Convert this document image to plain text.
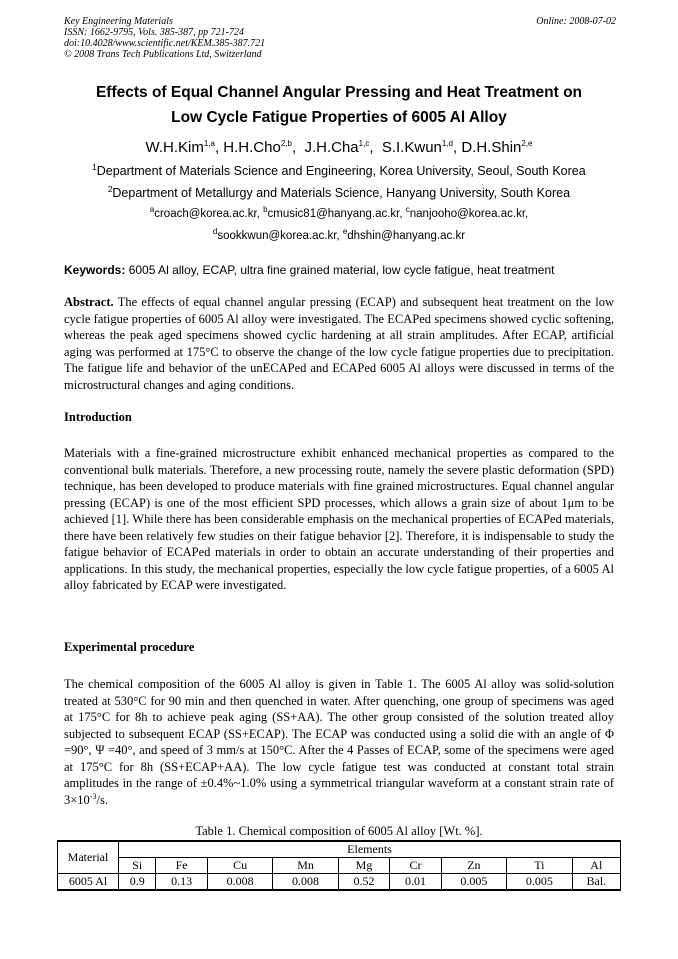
Key Engineering Materials
ISSN: 1662-9795, Vols. 385-387, pp 721-724
doi:10.4028/www.scientific.net/KEM.385-387.721
© 2008 Trans Tech Publications Ltd, Switzerland
Online: 2008-07-02
Effects of Equal Channel Angular Pressing and Heat Treatment on
Low Cycle Fatigue Properties of 6005 Al Alloy
W.H.Kim$^{1,a}$, H.H.Cho$^{2,b}$,  J.H.Cha$^{1,c}$,  S.I.Kwun$^{1,d}$, D.H.Shin$^{2,e}$
$^1$Department of Materials Science and Engineering, Korea University, Seoul, South Korea
$^2$Department of Metallurgy and Materials Science, Hanyang University, South Korea
$^a$croach@korea.ac.kr, $^b$cmusic81@hanyang.ac.kr, $^c$nanjooho@korea.ac.kr,
$^d$sookkwun@korea.ac.kr, $^e$dhshin@hanyang.ac.kr
Keywords: 6005 Al alloy, ECAP, ultra fine grained material, low cycle fatigue, heat treatment
Abstract. The effects of equal channel angular pressing (ECAP) and subsequent heat treatment on the low cycle fatigue properties of 6005 Al alloy were investigated. The ECAPed specimens showed cyclic softening, whereas the peak aged specimens showed cyclic hardening at all strain amplitudes. After ECAP, artificial aging was performed at 175°C to observe the change of the low cycle fatigue properties due to precipitation. The fatigue life and behavior of the unECAPed and ECAPed 6005 Al alloys were discussed in terms of the microstructural changes and aging conditions.
Introduction
Materials with a fine-grained microstructure exhibit enhanced mechanical properties as compared to the conventional bulk materials. Therefore, a new processing route, namely the severe plastic deformation (SPD) technique, has been developed to produce materials with fine grained microstructures. Equal channel angular pressing (ECAP) is one of the most efficient SPD processes, which allows a grain size of about 1μm to be achieved [1]. While there has been considerable emphasis on the mechanical properties of ECAPed materials, there have been relatively few studies on their fatigue behavior [2]. Therefore, it is indispensable to study the fatigue behavior of ECAPed materials in order to obtain an accurate understanding of their properties and applications. In this study, the mechanical properties, especially the low cycle fatigue properties, of a 6005 Al alloy fabricated by ECAP were investigated.
Experimental procedure
The chemical composition of the 6005 Al alloy is given in Table 1. The 6005 Al alloy was solid-solution treated at 530°C for 90 min and then quenched in water. After quenching, one group of specimens was aged at 175°C for 8h to achieve peak aging (SS+AA). The other group consisted of the solution treated alloy subjected to subsequent ECAP (SS+ECAP). The ECAP was conducted using a solid die with an angle of Φ =90°, Ψ =40°, and speed of 3 mm/s at 150°C. After the 4 Passes of ECAP, some of the specimens were aged at 175°C for 8h (SS+ECAP+AA). The low cycle fatigue test was conducted at constant total strain amplitudes in the range of ±0.4%~1.0% using a symmetrical triangular waveform at a constant strain rate of $3\times 10^{-3}/s$.
Table 1. Chemical composition of 6005 Al alloy [Wt. %].
Material	Elements								
	Si	Fe	Cu	Mn	Mg	Cr	Zn	Ti	Al
6005 Al	0.9	0.13	0.008	0.008	0.52	0.01	0.005	0.005	Bal.
